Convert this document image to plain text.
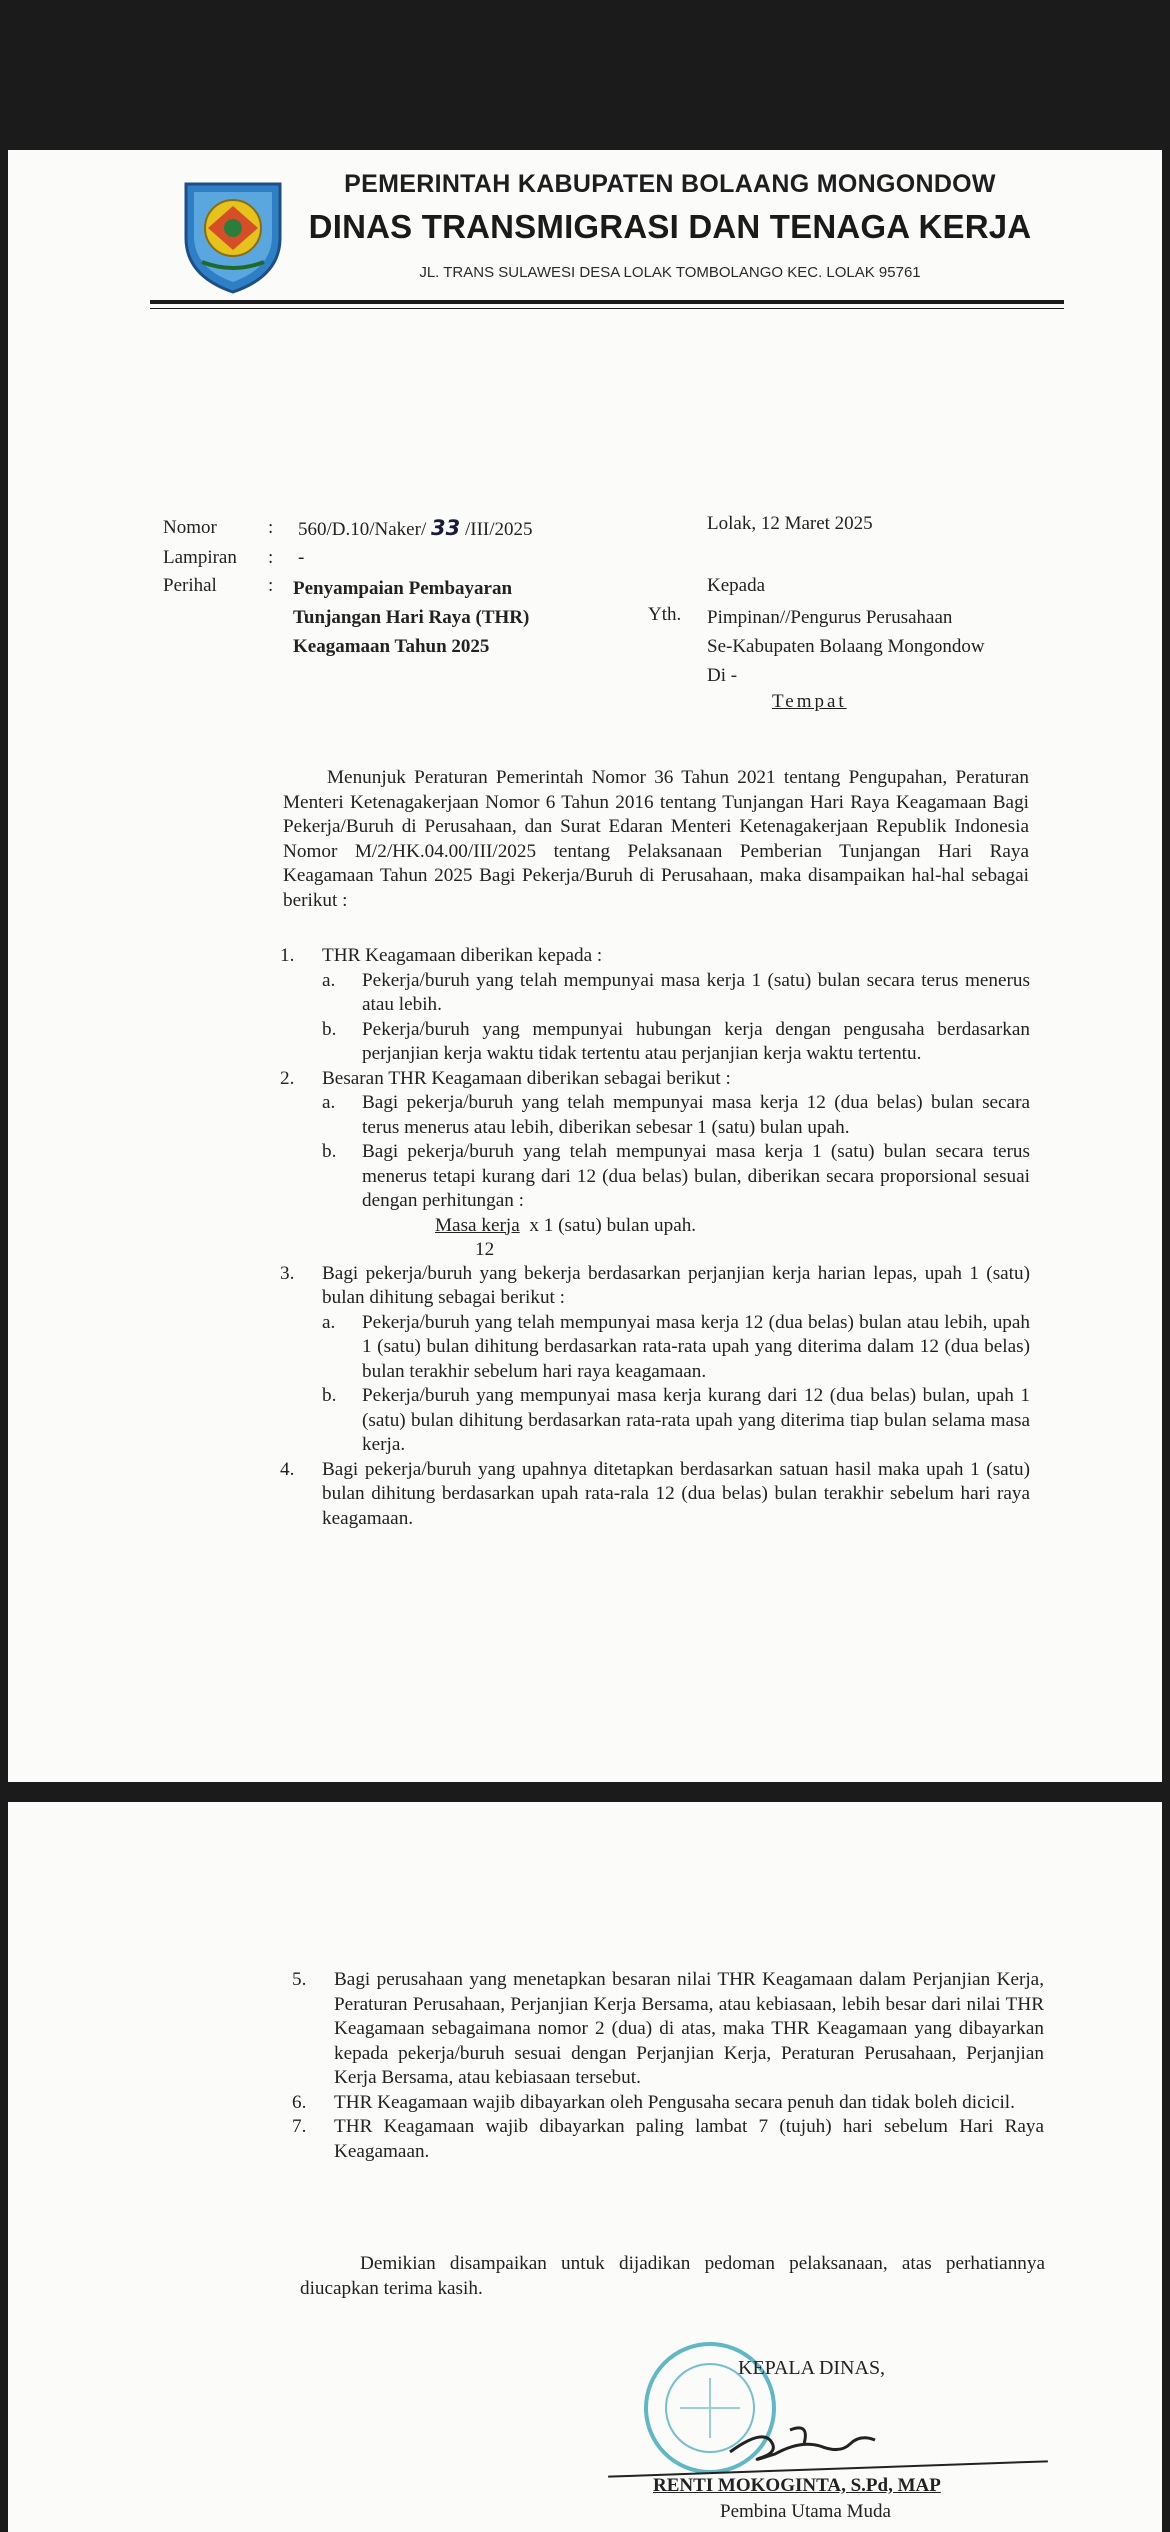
PEMERINTAH KABUPATEN BOLAANG MONGONDOW
DINAS TRANSMIGRASI DAN TENAGA KERJA
JL. TRANS SULAWESI DESA LOLAK TOMBOLANGO KEC. LOLAK 95761
Nomor	: 560/D.10/Naker/ 33 /III/2025
Lampiran : -
Perihal	: Penyampaian Pembayaran
Tunjangan Hari Raya (THR)
Keagamaan Tahun 2025
Lolak, 12 Maret 2025
Kepada
Yth. Pimpinan//Pengurus Perusahaan
Se-Kabupaten Bolaang Mongondow
Di -
Tempat
Menunjuk Peraturan Pemerintah Nomor 36 Tahun 2021 tentang Pengupahan, Peraturan Menteri Ketenagakerjaan Nomor 6 Tahun 2016 tentang Tunjangan Hari Raya Keagamaan Bagi Pekerja/Buruh di Perusahaan, dan Surat Edaran Menteri Ketenagakerjaan Republik Indonesia Nomor M/2/HK.04.00/III/2025 tentang Pelaksanaan Pemberian Tunjangan Hari Raya Keagamaan Tahun 2025 Bagi Pekerja/Buruh di Perusahaan, maka disampaikan hal-hal sebagai berikut :
1.	THR Keagamaan diberikan kepada :
a.	Pekerja/buruh yang telah mempunyai masa kerja 1 (satu) bulan secara terus menerus atau lebih.
b.	Pekerja/buruh yang mempunyai hubungan kerja dengan pengusaha berdasarkan perjanjian kerja waktu tidak tertentu atau perjanjian kerja waktu tertentu.
2.	Besaran THR Keagamaan diberikan sebagai berikut :
a.	Bagi pekerja/buruh yang telah mempunyai masa kerja 12 (dua belas) bulan secara terus menerus atau lebih, diberikan sebesar 1 (satu) bulan upah.
b.	Bagi pekerja/buruh yang telah mempunyai masa kerja 1 (satu) bulan secara terus menerus tetapi kurang dari 12 (dua belas) bulan, diberikan secara proporsional sesuai dengan perhitungan :
Masa kerja x 1 (satu) bulan upah.
12
3.	Bagi pekerja/buruh yang bekerja berdasarkan perjanjian kerja harian lepas, upah 1 (satu) bulan dihitung sebagai berikut :
a.	Pekerja/buruh yang telah mempunyai masa kerja 12 (dua belas) bulan atau lebih, upah 1 (satu) bulan dihitung berdasarkan rata-rata upah yang diterima dalam 12 (dua belas) bulan terakhir sebelum hari raya keagamaan.
b.	Pekerja/buruh yang mempunyai masa kerja kurang dari 12 (dua belas) bulan, upah 1 (satu) bulan dihitung berdasarkan rata-rata upah yang diterima tiap bulan selama masa kerja.
4.	Bagi pekerja/buruh yang upahnya ditetapkan berdasarkan satuan hasil maka upah 1 (satu) bulan dihitung berdasarkan upah rata-rala 12 (dua belas) bulan terakhir sebelum hari raya keagamaan.
5.	Bagi perusahaan yang menetapkan besaran nilai THR Keagamaan dalam Perjanjian Kerja, Peraturan Perusahaan, Perjanjian Kerja Bersama, atau kebiasaan, lebih besar dari nilai THR Keagamaan sebagaimana nomor 2 (dua) di atas, maka THR Keagamaan yang dibayarkan kepada pekerja/buruh sesuai dengan Perjanjian Kerja, Peraturan Perusahaan, Perjanjian Kerja Bersama, atau kebiasaan tersebut.
6.	THR Keagamaan wajib dibayarkan oleh Pengusaha secara penuh dan tidak boleh dicicil.
7.	THR Keagamaan wajib dibayarkan paling lambat 7 (tujuh) hari sebelum Hari Raya Keagamaan.
Demikian disampaikan untuk dijadikan pedoman pelaksanaan, atas perhatiannya diucapkan terima kasih.
KEPALA DINAS,
RENTI MOKOGINTA, S.Pd, MAP
Pembina Utama Muda
